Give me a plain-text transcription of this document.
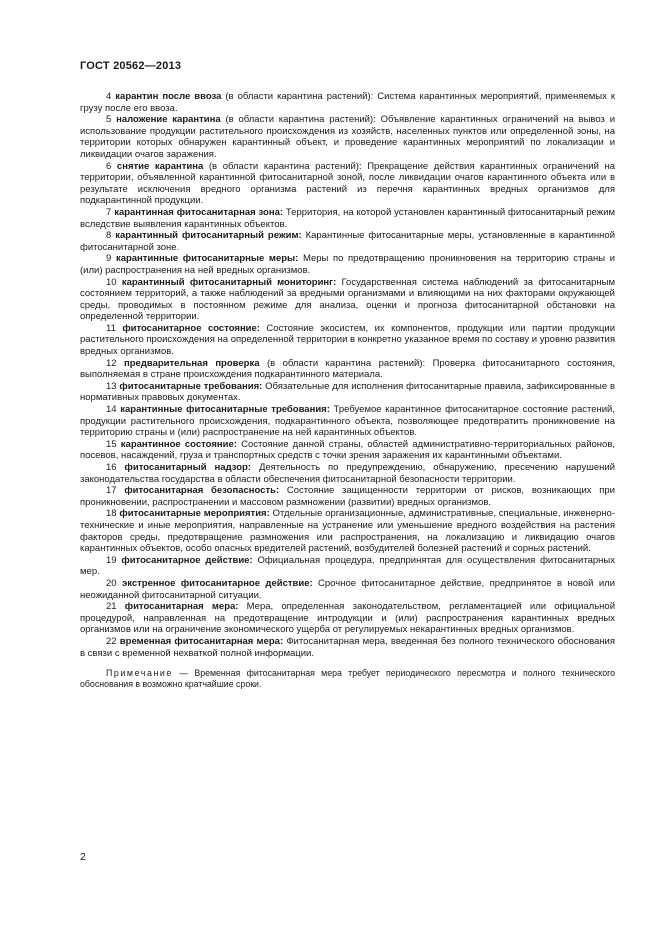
ГОСТ 20562—2013

4 карантин после ввоза (в области карантина растений): Система карантинных мероприятий, применяемых к грузу после его ввоза.

5 наложение карантина (в области карантина растений): Объявление карантинных ограничений на вывоз и использование продукции растительного происхождения из хозяйств, населенных пунктов или определенной зоны, на территории которых обнаружен карантинный объект, и проведение карантинных мероприятий по локализации и ликвидации очагов заражения.

6 снятие карантина (в области карантина растений): Прекращение действия карантинных ограничений на территории, объявленной карантинной фитосанитарной зоной, после ликвидации очагов карантинного объекта или в результате исключения вредного организма растений из перечня карантинных вредных организмов для подкарантинной продукции.

7 карантинная фитосанитарная зона: Территория, на которой установлен карантинный фитосанитарный режим вследствие выявления карантинных объектов.

8 карантинный фитосанитарный режим: Карантинные фитосанитарные меры, установленные в карантинной фитосанитарной зоне.

9 карантинные фитосанитарные меры: Меры по предотвращению проникновения на территорию страны и (или) распространения на ней вредных организмов.

10 карантинный фитосанитарный мониторинг: Государственная система наблюдений за фитосанитарным состоянием территорий, а также наблюдений за вредными организмами и влияющими на них факторами окружающей среды, проводимых в постоянном режиме для анализа, оценки и прогноза фитосанитарной обстановки на определенной территории.

11 фитосанитарное состояние: Состояние экосистем, их компонентов, продукции или партии продукции растительного происхождения на определенной территории в конкретно указанное время по составу и уровню развития вредных организмов.

12 предварительная проверка (в области карантина растений): Проверка фитосанитарного состояния, выполняемая в стране происхождения подкарантинного материала.

13 фитосанитарные требования: Обязательные для исполнения фитосанитарные правила, зафиксированные в нормативных правовых документах.

14 карантинные фитосанитарные требования: Требуемое карантинное фитосанитарное состояние растений, продукции растительного происхождения, подкарантинного объекта, позволяющее предотвратить проникновение на территорию страны и (или) распространение на ней карантинных объектов.

15 карантинное состояние: Состояние данной страны, областей административно-территориальных районов, посевов, насаждений, груза и транспортных средств с точки зрения заражения их карантинными объектами.

16 фитосанитарный надзор: Деятельность по предупреждению, обнаружению, пресечению нарушений законодательства государства в области обеспечения фитосанитарной безопасности территории.

17 фитосанитарная безопасность: Состояние защищенности территории от рисков, возникающих при проникновении, распространении и массовом размножении (развитии) вредных организмов.

18 фитосанитарные мероприятия: Отдельные организационные, административные, специальные, инженерно-технические и иные мероприятия, направленные на устранение или уменьшение вредного воздействия на растения факторов среды, предотвращение размножения или распространения, на локализацию и ликвидацию очагов карантинных объектов, особо опасных вредителей растений, возбудителей болезней растений и сорных растений.

19 фитосанитарное действие: Официальная процедура, предпринятая для осуществления фитосанитарных мер.

20 экстренное фитосанитарное действие: Срочное фитосанитарное действие, предпринятое в новой или неожиданной фитосанитарной ситуации.

21 фитосанитарная мера: Мера, определенная законодательством, регламентацией или официальной процедурой, направленная на предотвращение интродукции и (или) распространения карантинных вредных организмов или на ограничение экономического ущерба от регулируемых некарантинных вредных организмов.

22 временная фитосанитарная мера: Фитосанитарная мера, введенная без полного технического обоснования в связи с временной нехваткой полной информации.

Примечание — Временная фитосанитарная мера требует периодического пересмотра и полного технического обоснования в возможно кратчайшие сроки.

2
